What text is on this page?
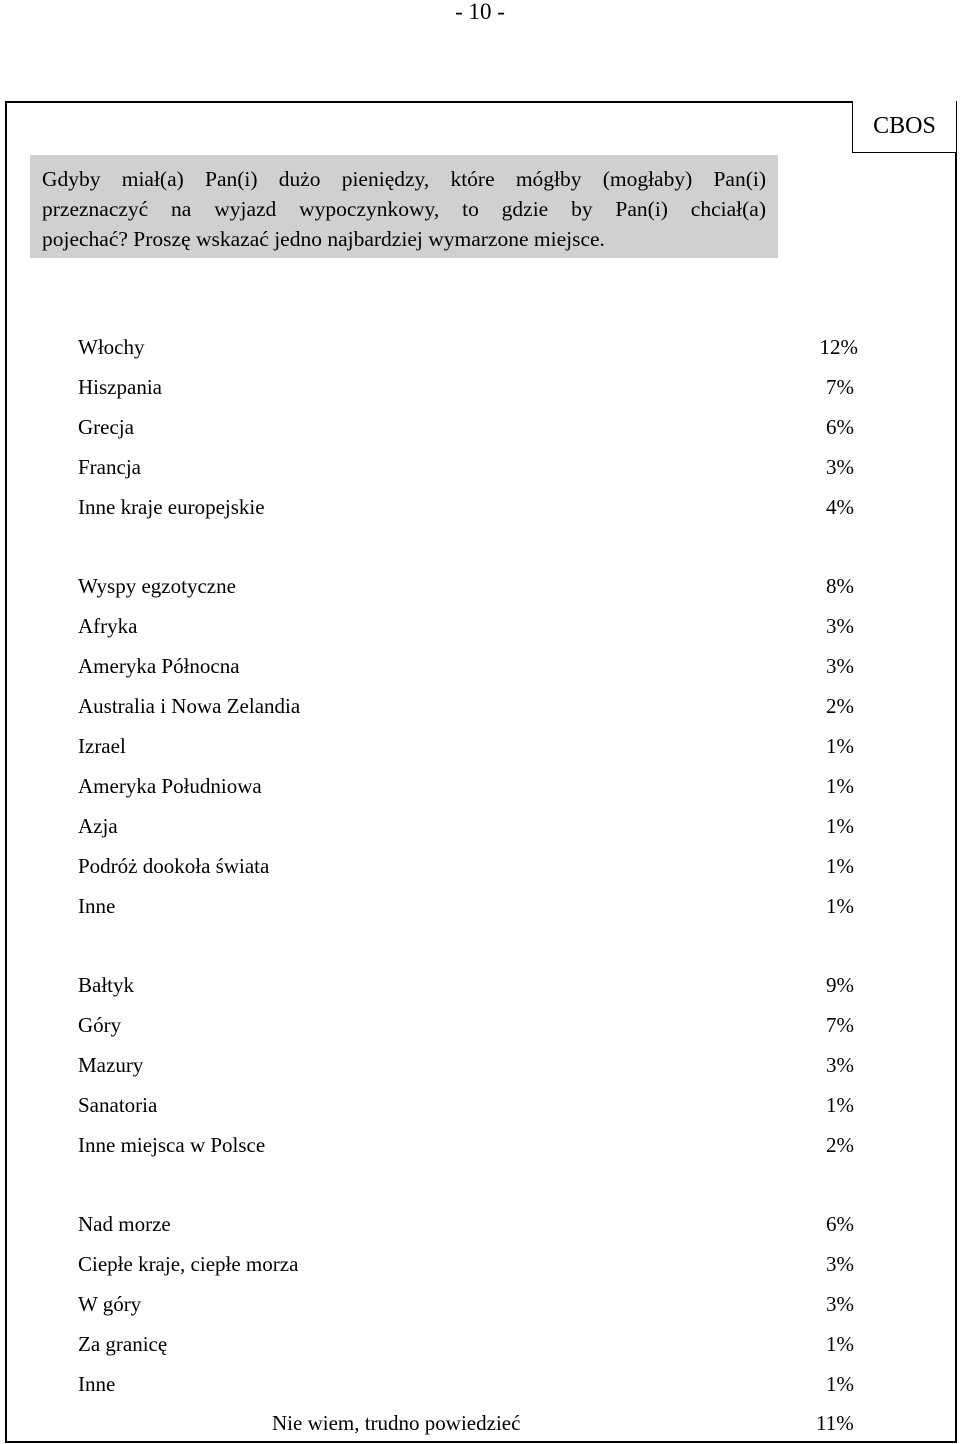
- 10 -
CBOS
Gdyby miał(a) Pan(i) dużo pieniędzy, które mógłby (mogłaby) Pan(i)
przeznaczyć na wyjazd wypoczynkowy, to gdzie by Pan(i) chciał(a)
pojechać? Proszę wskazać jedno najbardziej wymarzone miejsce.
Włochy	12%
Hiszpania	7%
Grecja	6%
Francja	3%
Inne kraje europejskie	4%
Wyspy egzotyczne	8%
Afryka	3%
Ameryka Północna	3%
Australia i Nowa Zelandia	2%
Izrael	1%
Ameryka Południowa	1%
Azja	1%
Podróż dookoła świata	1%
Inne	1%
Bałtyk	9%
Góry	7%
Mazury	3%
Sanatoria	1%
Inne miejsca w Polsce	2%
Nad morze	6%
Ciepłe kraje, ciepłe morza	3%
W góry	3%
Za granicę	1%
Inne	1%
Nie wiem, trudno powiedzieć	11%
